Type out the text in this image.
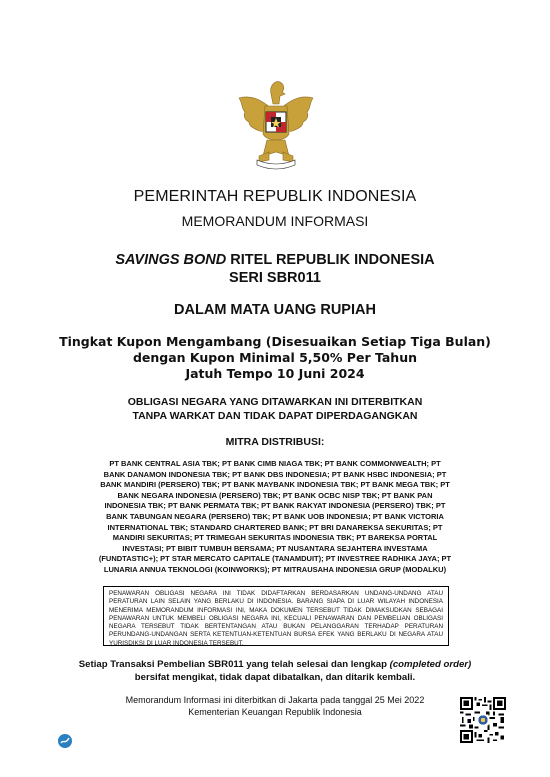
PEMERINTAH REPUBLIK INDONESIA
MEMORANDUM INFORMASI
SAVINGS BOND RITEL REPUBLIK INDONESIA
SERI SBR011
DALAM MATA UANG RUPIAH
Tingkat Kupon Mengambang (Disesuaikan Setiap Tiga Bulan)
dengan Kupon Minimal 5,50% Per Tahun
Jatuh Tempo 10 Juni 2024
OBLIGASI NEGARA YANG DITAWARKAN INI DITERBITKAN
TANPA WARKAT DAN TIDAK DAPAT DIPERDAGANGKAN
MITRA DISTRIBUSI:
PT BANK CENTRAL ASIA TBK; PT BANK CIMB NIAGA TBK; PT BANK COMMONWEALTH; PT BANK DANAMON INDONESIA TBK; PT BANK DBS INDONESIA; PT BANK HSBC INDONESIA; PT BANK MANDIRI (PERSERO) TBK; PT BANK MAYBANK INDONESIA TBK; PT BANK MEGA TBK; PT BANK NEGARA INDONESIA (PERSERO) TBK; PT BANK OCBC NISP TBK; PT BANK PAN INDONESIA TBK; PT BANK PERMATA TBK; PT BANK RAKYAT INDONESIA (PERSERO) TBK; PT BANK TABUNGAN NEGARA (PERSERO) TBK; PT BANK UOB INDONESIA; PT BANK VICTORIA INTERNATIONAL TBK; STANDARD CHARTERED BANK; PT BRI DANAREKSA SEKURITAS; PT MANDIRI SEKURITAS; PT TRIMEGAH SEKURITAS INDONESIA TBK; PT BAREKSA PORTAL INVESTASI; PT BIBIT TUMBUH BERSAMA; PT NUSANTARA SEJAHTERA INVESTAMA (FUNDTASTIC+); PT STAR MERCATO CAPITALE (TANAMDUIT); PT INVESTREE RADHIKA JAYA; PT LUNARIA ANNUA TEKNOLOGI (KOINWORKS); PT MITRAUSAHA INDONESIA GRUP (MODALKU)
PENAWARAN OBLIGASI NEGARA INI TIDAK DIDAFTARKAN BERDASARKAN UNDANG-UNDANG ATAU PERATURAN LAIN SELAIN YANG BERLAKU DI INDONESIA. BARANG SIAPA DI LUAR WILAYAH INDONESIA MENERIMA MEMORANDUM INFORMASI INI, MAKA DOKUMEN TERSEBUT TIDAK DIMAKSUDKAN SEBAGAI PENAWARAN UNTUK MEMBELI OBLIGASI NEGARA INI, KECUALI PENAWARAN DAN PEMBELIAN OBLIGASI NEGARA TERSEBUT TIDAK BERTENTANGAN ATAU BUKAN PELANGGARAN TERHADAP PERATURAN PERUNDANG-UNDANGAN SERTA KETENTUAN-KETENTUAN BURSA EFEK YANG BERLAKU DI NEGARA ATAU YURISDIKSI DI LUAR INDONESIA TERSEBUT.
Setiap Transaksi Pembelian SBR011 yang telah selesai dan lengkap (completed order)
bersifat mengikat, tidak dapat dibatalkan, dan ditarik kembali.
Memorandum Informasi ini diterbitkan di Jakarta pada tanggal 25 Mei 2022
Kementerian Keuangan Republik Indonesia
